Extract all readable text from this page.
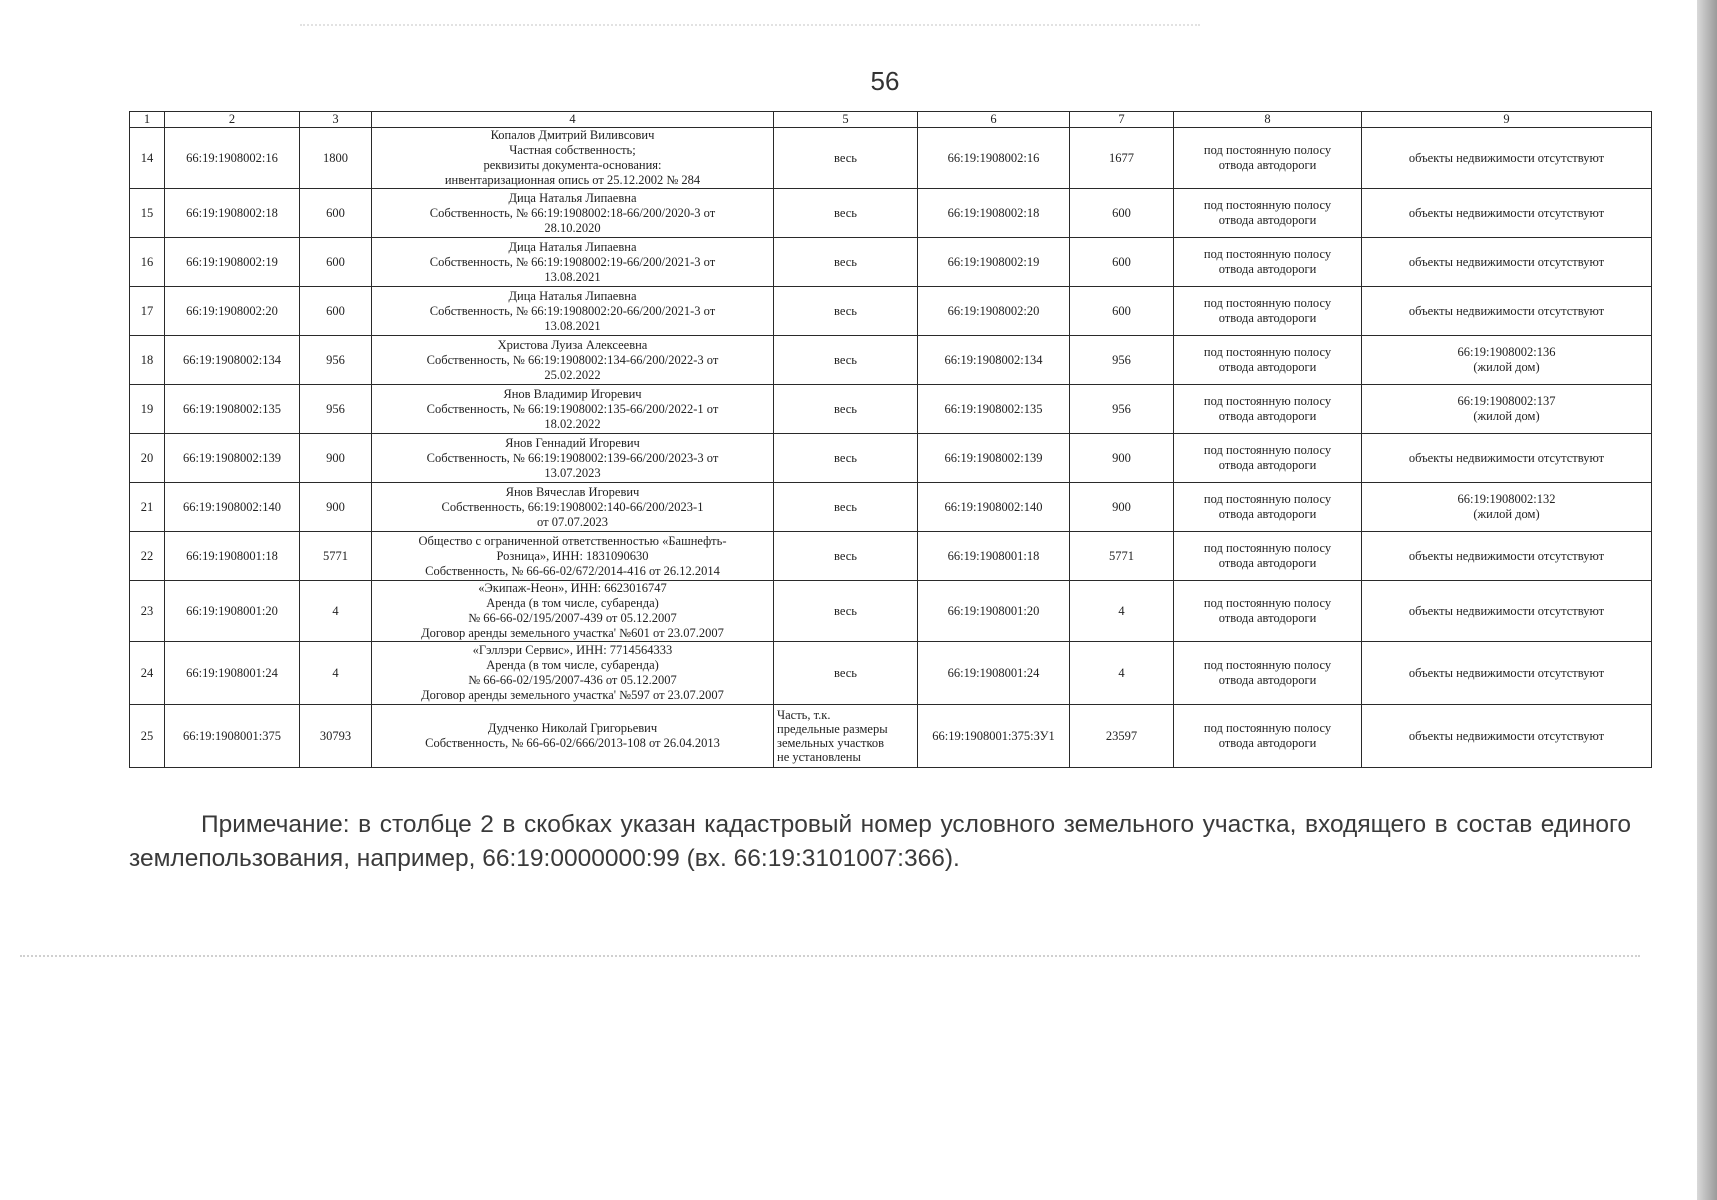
56
1	2	3	4	5	6	7	8	9
14	66:19:1908002:16	1800	Копалов Дмитрий Виливсович
Частная собственность;
реквизиты документа-основания:
инвентаризационная опись от 25.12.2002 № 284	весь	66:19:1908002:16	1677	под постоянную полосу
отвода автодороги	объекты недвижимости отсутствуют

15	66:19:1908002:18	600	Дица Наталья Липаевна
Собственность, № 66:19:1908002:18-66/200/2020-3 от
28.10.2020	весь	66:19:1908002:18	600	под постоянную полосу
отвода автодороги	объекты недвижимости отсутствуют

16	66:19:1908002:19	600	Дица Наталья Липаевна
Собственность, № 66:19:1908002:19-66/200/2021-3 от
13.08.2021	весь	66:19:1908002:19	600	под постоянную полосу
отвода автодороги	объекты недвижимости отсутствуют

17	66:19:1908002:20	600	Дица Наталья Липаевна
Собственность, № 66:19:1908002:20-66/200/2021-3 от
13.08.2021	весь	66:19:1908002:20	600	под постоянную полосу
отвода автодороги	объекты недвижимости отсутствуют

18	66:19:1908002:134	956	Христова Луиза Алексеевна
Собственность, № 66:19:1908002:134-66/200/2022-3 от
25.02.2022	весь	66:19:1908002:134	956	под постоянную полосу
отвода автодороги	66:19:1908002:136
(жилой дом)

19	66:19:1908002:135	956	Янов Владимир Игоревич
Собственность, № 66:19:1908002:135-66/200/2022-1 от
18.02.2022	весь	66:19:1908002:135	956	под постоянную полосу
отвода автодороги	66:19:1908002:137
(жилой дом)

20	66:19:1908002:139	900	Янов Геннадий Игоревич
Собственность, № 66:19:1908002:139-66/200/2023-3 от
13.07.2023	весь	66:19:1908002:139	900	под постоянную полосу
отвода автодороги	объекты недвижимости отсутствуют

21	66:19:1908002:140	900	Янов Вячеслав Игоревич
Собственность, 66:19:1908002:140-66/200/2023-1
от 07.07.2023	весь	66:19:1908002:140	900	под постоянную полосу
отвода автодороги	66:19:1908002:132
(жилой дом)

22	66:19:1908001:18	5771	Общество с ограниченной ответственностью «Башнефть-
Розница», ИНН: 1831090630
Собственность, № 66-66-02/672/2014-416 от 26.12.2014	весь	66:19:1908001:18	5771	под постоянную полосу
отвода автодороги	объекты недвижимости отсутствуют

23	66:19:1908001:20	4	«Экипаж-Неон», ИНН: 6623016747
Аренда (в том числе, субаренда)
№ 66-66-02/195/2007-439 от 05.12.2007
Договор аренды земельного участка' №601 от 23.07.2007	весь	66:19:1908001:20	4	под постоянную полосу
отвода автодороги	объекты недвижимости отсутствуют

24	66:19:1908001:24	4	«Гэллэри Сервис», ИНН: 7714564333
Аренда (в том числе, субаренда)
№ 66-66-02/195/2007-436 от 05.12.2007
Договор аренды земельного участка' №597 от 23.07.2007	весь	66:19:1908001:24	4	под постоянную полосу
отвода автодороги	объекты недвижимости отсутствуют

25	66:19:1908001:375	30793	Дудченко Николай Григорьевич
Собственность, № 66-66-02/666/2013-108 от 26.04.2013	Часть, т.к.
предельные размеры
земельных участков
не установлены	66:19:1908001:375:ЗУ1	23597	под постоянную полосу
отвода автодороги	объекты недвижимости отсутствуют
Примечание: в столбце 2 в скобках указан кадастровый номер условного земельного участка, входящего в состав единого землепользования, например, 66:19:0000000:99 (вх. 66:19:3101007:366).
